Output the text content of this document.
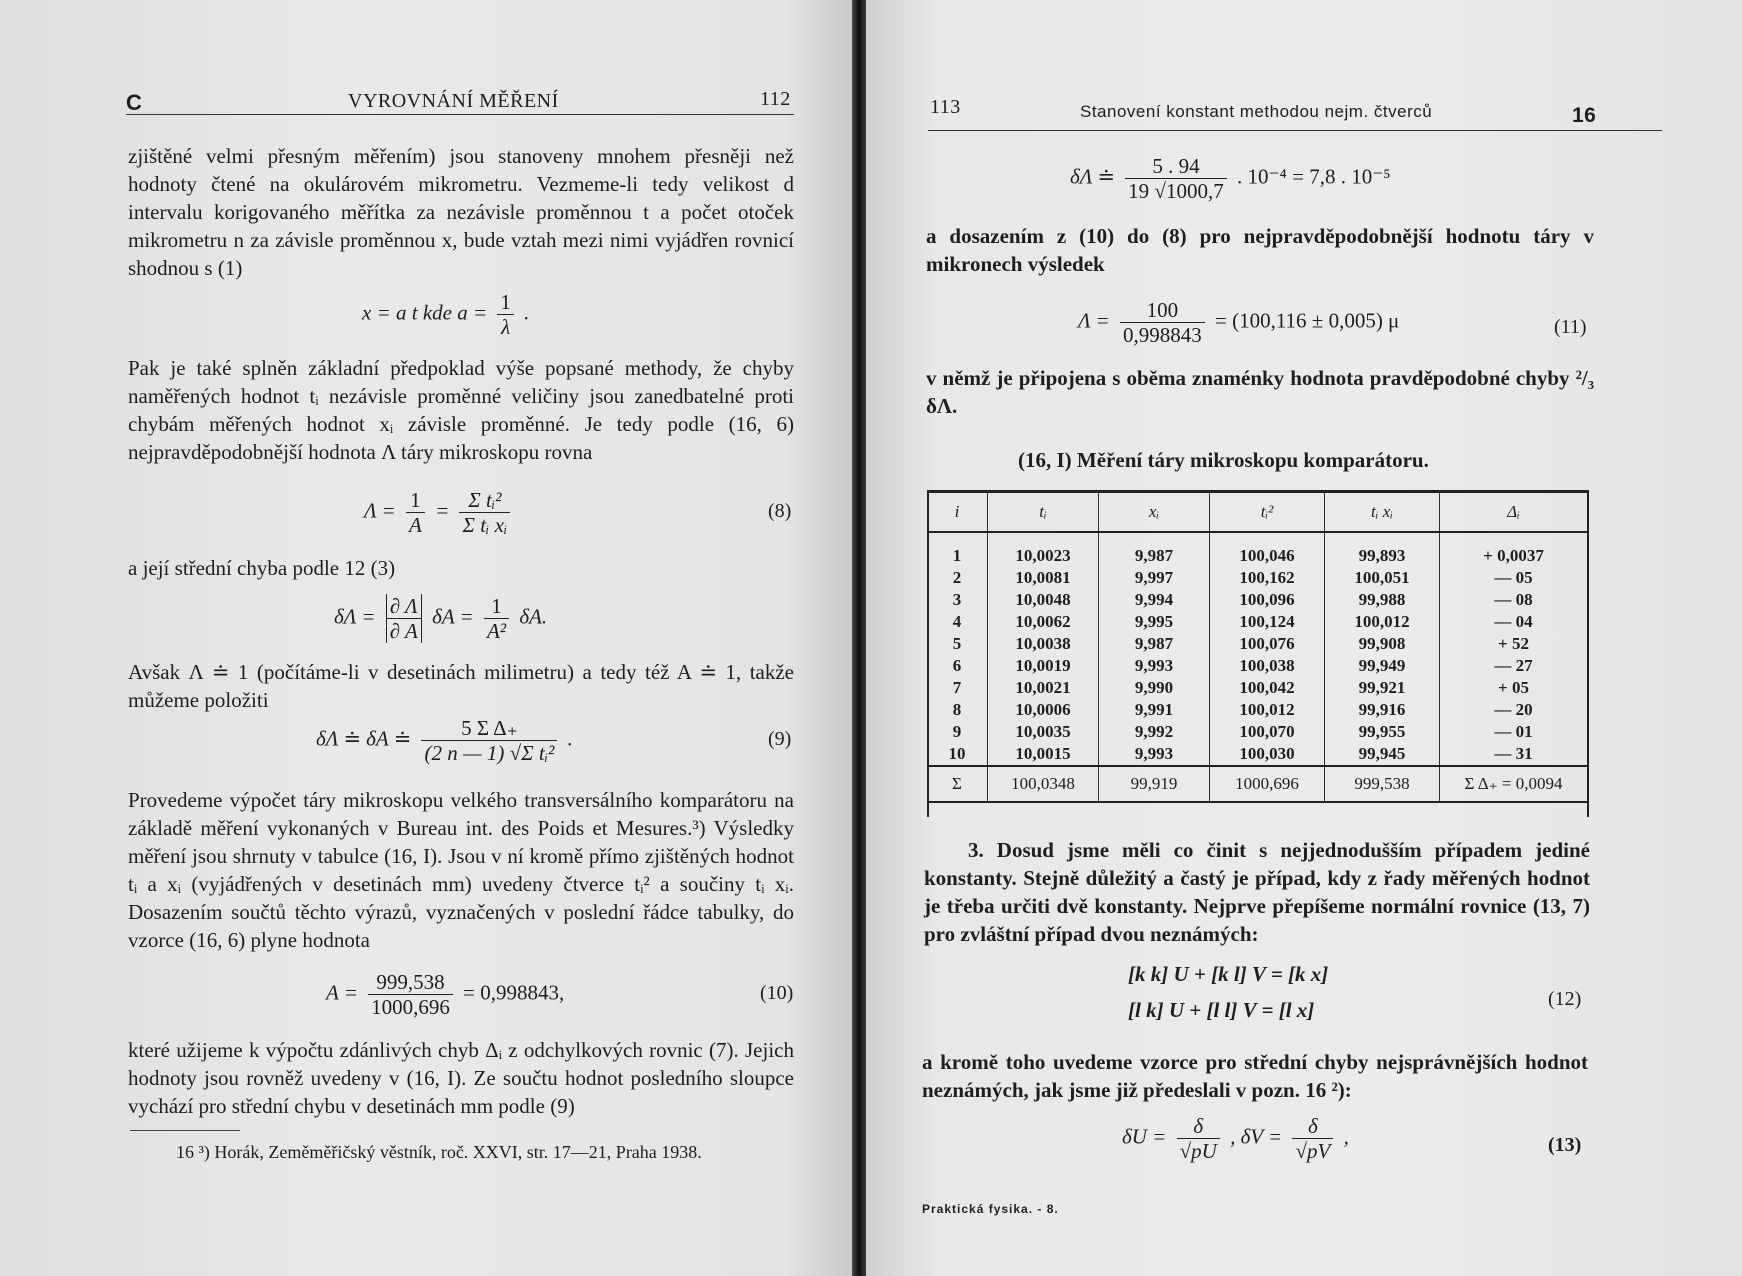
C	VYROVNÁNÍ MĚŘENÍ	112

zjištěné velmi přesným měřením) jsou stanoveny mnohem přesněji než hodnoty čtené na okulárovém mikrometru. Vezmeme-li tedy velikost d intervalu korigovaného měřítka za nezávisle proměnnou t a počet otoček mikrometru n za závisle proměnnou x, bude vztah mezi nimi vyjádřen rovnicí shodnou s (1)

x = a t kde $a = \frac{1}{\lambda}$ .

Pak je také splněn základní předpoklad výše popsané methody, že chyby naměřených hodnot tᵢ nezávisle proměnné veličiny jsou zanedbatelné proti chybám měřených hodnot xᵢ závisle proměnné. Je tedy podle (16, 6) nejpravděpodobnější hodnota Λ táry mikroskopu rovna

$\Lambda = \frac{1}{A} = \frac{\text{Σ tᵢ²}}{\text{Σ tᵢ xᵢ}}$	(8)

a její střední chyba podle 12 (3)

$\delta\Lambda = \frac{\partial \Lambda}{\partial A}$ $\delta A = \frac{1}{\text{A²}} \delta A$.

Avšak Λ ≐ 1 (počítáme-li v desetinách milimetru) a tedy též A ≐ 1, takže můžeme položiti

δΛ ≐ δA ≐ $\frac{\text{5 Σ Δ₊}}{\text{(2 n — 1) √Σ tᵢ²}}$ .	(9)

Provedeme výpočet táry mikroskopu velkého transversálního komparátoru na základě měření vykonaných v Bureau int. des Poids et Mesures.³) Výsledky měření jsou shrnuty v tabulce (16, I). Jsou v ní kromě přímo zjištěných hodnot tᵢ a xᵢ (vyjádřených v desetinách mm) uvedeny čtverce tᵢ² a součiny tᵢ xᵢ. Dosazením součtů těchto výrazů, vyznačených v poslední řádce tabulky, do vzorce (16, 6) plyne hodnota

$A = \frac{999,538}{1000,696} = 0,998843$,	(10)

které užijeme k výpočtu zdánlivých chyb Δᵢ z odchylkových rovnic (7). Jejich hodnoty jsou rovněž uvedeny v (16, I). Ze součtu hodnot posledního sloupce vychází pro střední chybu v desetinách mm podle (9)

16 ³) Horák, Zeměměřičský věstník, roč. XXVI, str. 17—21, Praha 1938.
113	Stanovení konstant methodou nejm. čtverců	16
δΛ ≐ $\frac{5 . 94}{19 √1000,7}$ . 10⁻⁴ = 7,8 . 10⁻⁵

a dosazením z (10) do (8) pro nejpravděpodobnější hodnotu táry v mikronech výsledek

$\Lambda = \frac{100}{0,998843} = (100,116 \pm 0,005)$ μ	(11)

v němž je připojena s oběma znaménky hodnota pravděpodobné chyby ²/₃ δΛ.

(16, I) Měření táry mikroskopu komparátoru.
i	tᵢ	xᵢ	tᵢ²	tᵢ xᵢ	Δᵢ

1	10,0023	9,987	100,046	99,893	+ 0,0037
2	10,0081	9,997	100,162	100,051	— 05
3	10,0048	9,994	100,096	99,988	— 08
4	10,0062	9,995	100,124	100,012	— 04
5	10,0038	9,987	100,076	99,908	+ 52
6	10,0019	9,993	100,038	99,949	— 27
7	10,0021	9,990	100,042	99,921	+ 05
8	10,0006	9,991	100,012	99,916	— 20
9	10,0035	9,992	100,070	99,955	— 01
10	10,0015	9,993	100,030	99,945	— 31
Σ	100,0348	99,919	1000,696	999,538	Σ Δ₊ = 0,0094

3. Dosud jsme měli co činit s nejjednodušším případem jediné konstanty. Stejně důležitý a častý je případ, kdy z řady měřených hodnot je třeba určiti dvě konstanty. Nejprve přepíšeme normální rovnice (13, 7) pro zvláštní případ dvou neznámých:

[k k] U + [k l] V = [k x]
[l k] U + [l l] V = [l x]	(12)

a kromě toho uvedeme vzorce pro střední chyby nejsprávnějších hodnot neznámých, jak jsme již předeslali v pozn. 16 ²):

$\delta U = \frac{\delta}{√pU}$ , $\delta V = \frac{\delta}{√pV}$ ,	(13)
Praktická fysika. - 8.
